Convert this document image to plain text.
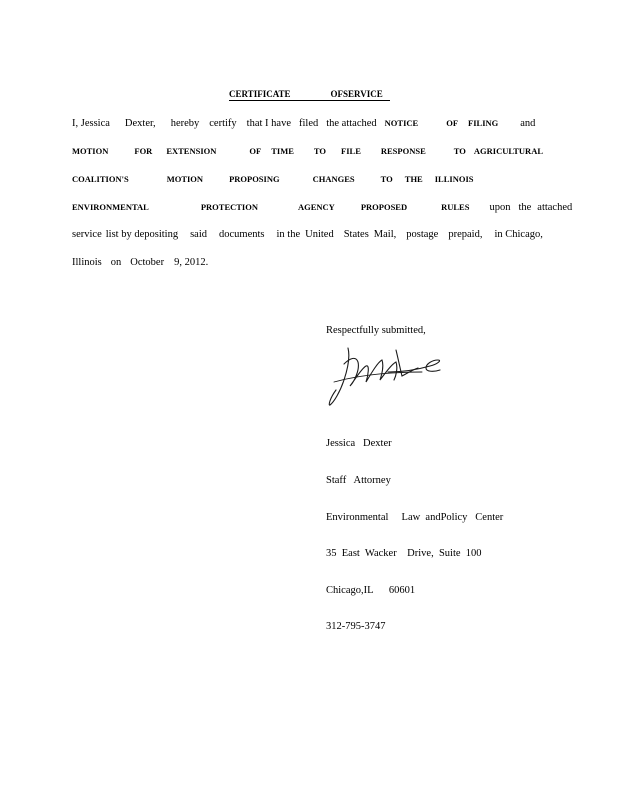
CERTIFICATE	OF SERVICE
I, Jessica Dexter, hereby certify that I have filed the attached NOTICE	OF FILING and
MOTION	FOR EXTENSION	OF TIME TO FILE RESPONSE	TO AGRICULTURAL
COALITION'S	MOTION	PROPOSING	CHANGES	TO THE ILLINOIS
ENVIRONMENTAL	PROTECTION	AGENCY	PROPOSED	RULES upon the attached
service list by depositing said documents in the United States Mail, postage prepaid, in Chicago,
Illinois on October 9, 2012.
Respectfully submitted,

Jessica   Dexter

Staff   Attorney

Environmental     Law  andPolicy   Center

35  East  Wacker    Drive,  Suite  100

Chicago,IL      60601

312-795-3747
